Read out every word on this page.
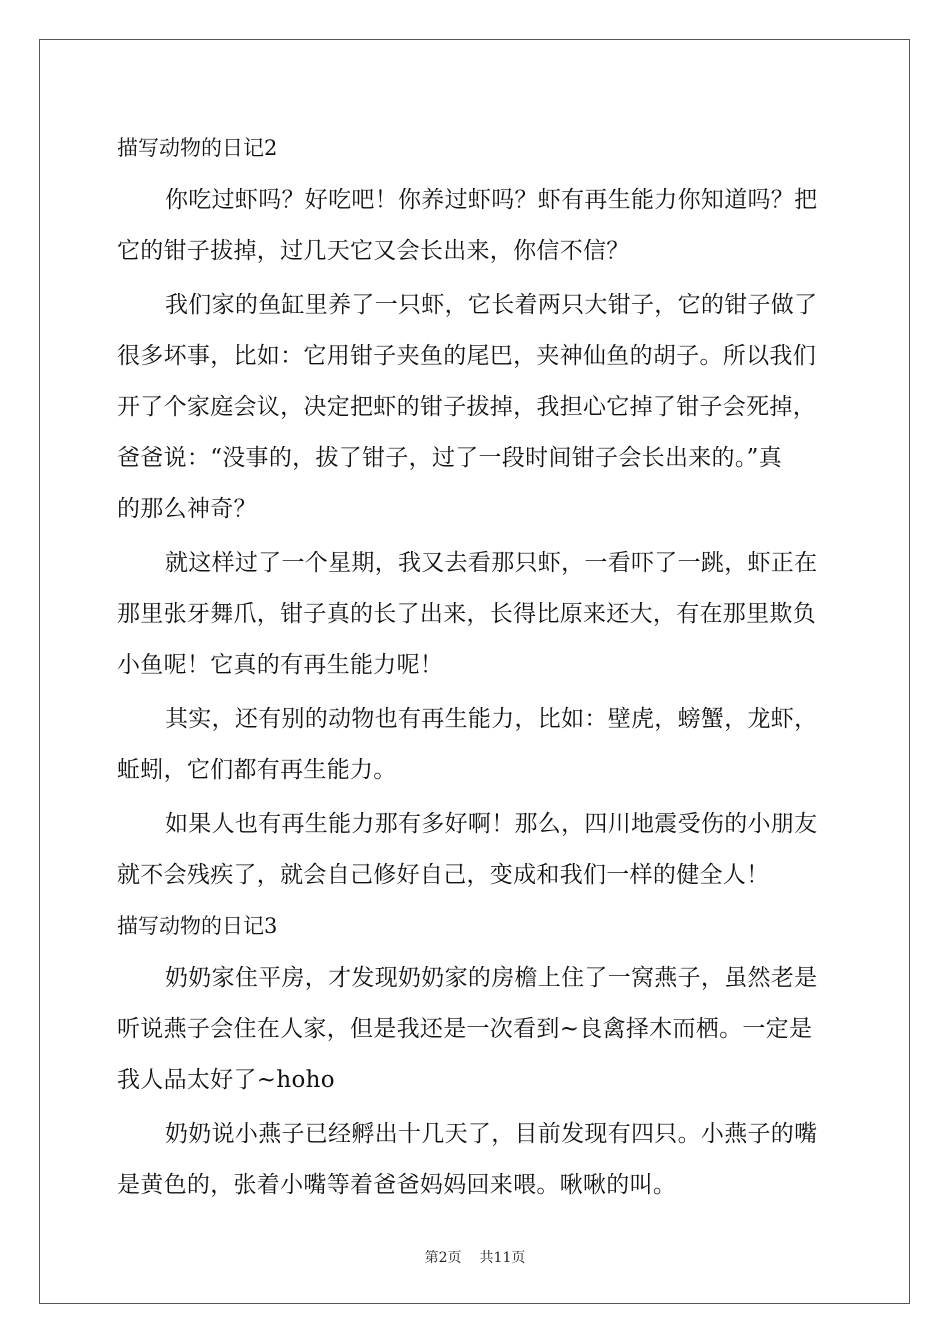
描写动物的日记2
你吃过虾吗？好吃吧！你养过虾吗？虾有再生能力你知道吗？把
它的钳子拔掉，过几天它又会长出来，你信不信？
我们家的鱼缸里养了一只虾，它长着两只大钳子，它的钳子做了
很多坏事，比如：它用钳子夹鱼的尾巴，夹神仙鱼的胡子。所以我们
开了个家庭会议，决定把虾的钳子拔掉，我担心它掉了钳子会死掉，
爸爸说：“没事的，拔了钳子，过了一段时间钳子会长出来的。”真
的那么神奇？
就这样过了一个星期，我又去看那只虾，一看吓了一跳，虾正在
那里张牙舞爪，钳子真的长了出来，长得比原来还大，有在那里欺负
小鱼呢！它真的有再生能力呢！
其实，还有别的动物也有再生能力，比如：壁虎，螃蟹，龙虾，
蚯蚓，它们都有再生能力。
如果人也有再生能力那有多好啊！那么，四川地震受伤的小朋友
就不会残疾了，就会自己修好自己，变成和我们一样的健全人！
描写动物的日记3
奶奶家住平房，才发现奶奶家的房檐上住了一窝燕子，虽然老是
听说燕子会住在人家，但是我还是一次看到~良禽择木而栖。一定是
我人品太好了~hoho
奶奶说小燕子已经孵出十几天了，目前发现有四只。小燕子的嘴
是黄色的，张着小嘴等着爸爸妈妈回来喂。啾啾的叫。
第2页 共11页
